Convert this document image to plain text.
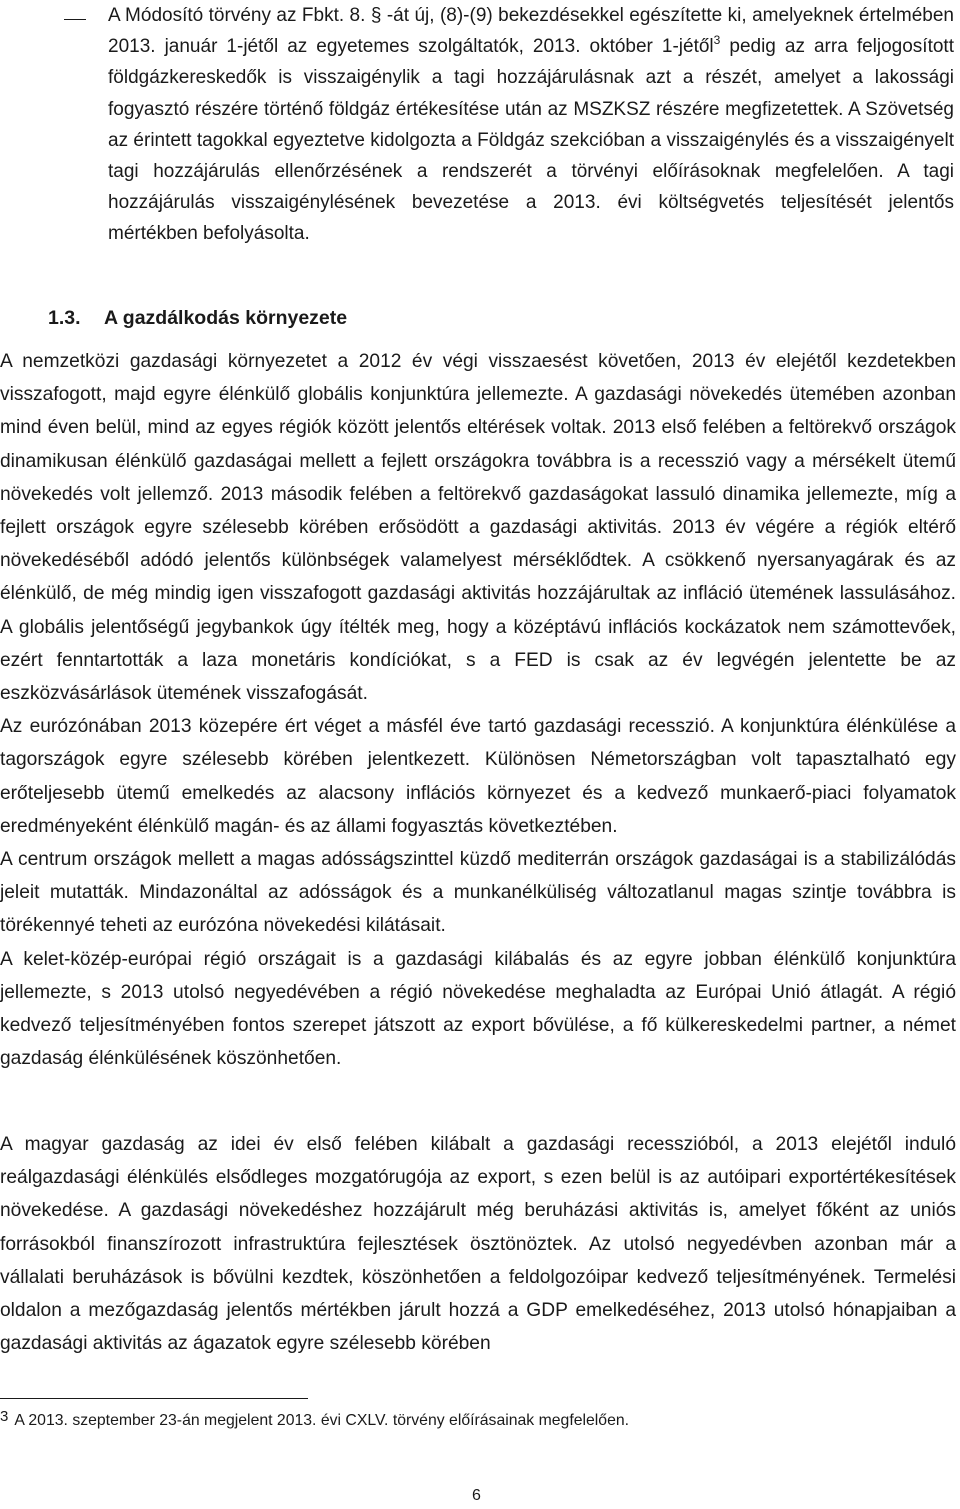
A Módosító törvény az Fbkt. 8. § -át új, (8)-(9) bekezdésekkel egészítette ki, amelyeknek értelmében 2013. január 1-jétől az egyetemes szolgáltatók, 2013. október 1-jétől$^3$ pedig az arra feljogosított földgázkereskedők is visszaigénylik a tagi hozzájárulásnak azt a részét, amelyet a lakossági fogyasztó részére történő földgáz értékesítése után az MSZKSZ részére megfizetettek. A Szövetség az érintett tagokkal egyeztetve kidolgozta a Földgáz szekcióban a visszaigénylés és a visszaigényelt tagi hozzájárulás ellenőrzésének a rendszerét a törvényi előírásoknak megfelelően. A tagi hozzájárulás visszaigénylésének bevezetése a 2013. évi költségvetés teljesítését jelentős mértékben befolyásolta.

1.3.	A gazdálkodás környezete

A nemzetközi gazdasági környezetet a 2012 év végi visszaesést követően, 2013 év elejétől kezdetekben visszafogott, majd egyre élénkülő globális konjunktúra jellemezte. A gazdasági növekedés ütemében azonban mind éven belül, mind az egyes régiók között jelentős eltérések voltak. 2013 első felében a feltörekvő országok dinamikusan élénkülő gazdaságai mellett a fejlett országokra továbbra is a recesszió vagy a mérsékelt ütemű növekedés volt jellemző. 2013 második felében a feltörekvő gazdaságokat lassuló dinamika jellemezte, míg a fejlett országok egyre szélesebb körében erősödött a gazdasági aktivitás. 2013 év végére a régiók eltérő növekedéséből adódó jelentős különbségek valamelyest mérséklődtek. A csökkenő nyersanyagárak és az élénkülő, de még mindig igen visszafogott gazdasági aktivitás hozzájárultak az infláció ütemének lassulásához. A globális jelentőségű jegybankok úgy ítélték meg, hogy a középtávú inflációs kockázatok nem számottevőek, ezért fenntartották a laza monetáris kondíciókat, s a FED is csak az év legvégén jelentette be az eszközvásárlások ütemének visszafogását.

Az eurózónában 2013 közepére ért véget a másfél éve tartó gazdasági recesszió. A konjunktúra élénkülése a tagországok egyre szélesebb körében jelentkezett. Különösen Németországban volt tapasztalható egy erőteljesebb ütemű emelkedés az alacsony inflációs környezet és a kedvező munkaerő-piaci folyamatok eredményeként élénkülő magán- és az állami fogyasztás következtében.

A centrum országok mellett a magas adósságszinttel küzdő mediterrán országok gazdaságai is a stabilizálódás jeleit mutatták. Mindazonáltal az adósságok és a munkanélküliség változatlanul magas szintje továbbra is törékennyé teheti az eurózóna növekedési kilátásait.

A kelet-közép-európai régió országait is a gazdasági kilábalás és az egyre jobban élénkülő konjunktúra jellemezte, s 2013 utolsó negyedévében a régió növekedése meghaladta az Európai Unió átlagát. A régió kedvező teljesítményében fontos szerepet játszott az export bővülése, a fő külkereskedelmi partner, a német gazdaság élénkülésének köszönhetően.

A magyar gazdaság az idei év első felében kilábalt a gazdasági recesszióból, a 2013 elejétől induló reálgazdasági élénkülés elsődleges mozgatórugója az export, s ezen belül is az autóipari exportértékesítések növekedése. A gazdasági növekedéshez hozzájárult még beruházási aktivitás is, amelyet főként az uniós forrásokból finanszírozott infrastruktúra fejlesztések ösztönöztek. Az utolsó negyedévben azonban már a vállalati beruházások is bővülni kezdtek, köszönhetően a feldolgozóipar kedvező teljesítményének. Termelési oldalon a mezőgazdaság jelentős mértékben járult hozzá a GDP emelkedéséhez, 2013 utolsó hónapjaiban a gazdasági aktivitás az ágazatok egyre szélesebb körében

3 A 2013. szeptember 23-án megjelent 2013. évi CXLV. törvény előírásainak megfelelően.

6
